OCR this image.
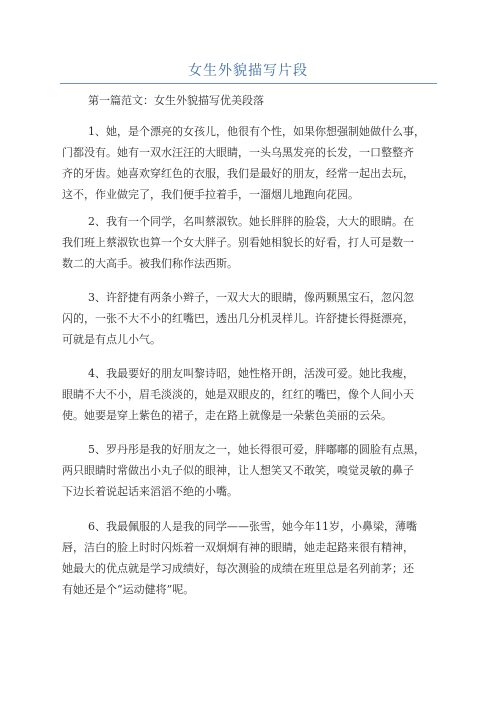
女生外貌描写片段
第一篇范文：女生外貌描写优美段落
1、她，是个漂亮的女孩儿，他很有个性，如果你想强制她做什么事，
门都没有。她有一双水汪汪的大眼睛，一头乌黑发亮的长发，一口整整齐
齐的牙齿。她喜欢穿红色的衣服，我们是最好的朋友，经常一起出去玩，
这不，作业做完了，我们便手拉着手，一溜烟儿地跑向花园。
2、我有一个同学，名叫蔡淑钦。她长胖胖的脸袋，大大的眼睛。在
我们班上蔡淑钦也算一个女大胖子。别看她相貌长的好看，打人可是数一
数二的大高手。被我们称作法西斯。
3、许舒捷有两条小辫子，一双大大的眼睛，像两颗黑宝石，忽闪忽
闪的，一张不大不小的红嘴巴，透出几分机灵样儿。许舒捷长得挺漂亮，
可就是有点儿小气。
4、我最要好的朋友叫黎诗昭，她性格开朗，活泼可爱。她比我瘦，
眼睛不大不小，眉毛淡淡的，她是双眼皮的，红红的嘴巴，像个人间小天
使。她要是穿上紫色的裙子，走在路上就像是一朵紫色美丽的云朵。
5、罗丹彤是我的好朋友之一，她长得很可爱，胖嘟嘟的圆脸有点黑，
两只眼睛时常做出小丸子似的眼神，让人想笑又不敢笑，嗅觉灵敏的鼻子
下边长着说起话来滔滔不绝的小嘴。
6、我最佩服的人是我的同学——张雪，她今年11岁，小鼻梁，薄嘴
唇，洁白的脸上时时闪烁着一双炯炯有神的眼睛，她走起路来很有精神，
她最大的优点就是学习成绩好，每次测验的成绩在班里总是名列前茅；还
有她还是个“运动健将”呢。
